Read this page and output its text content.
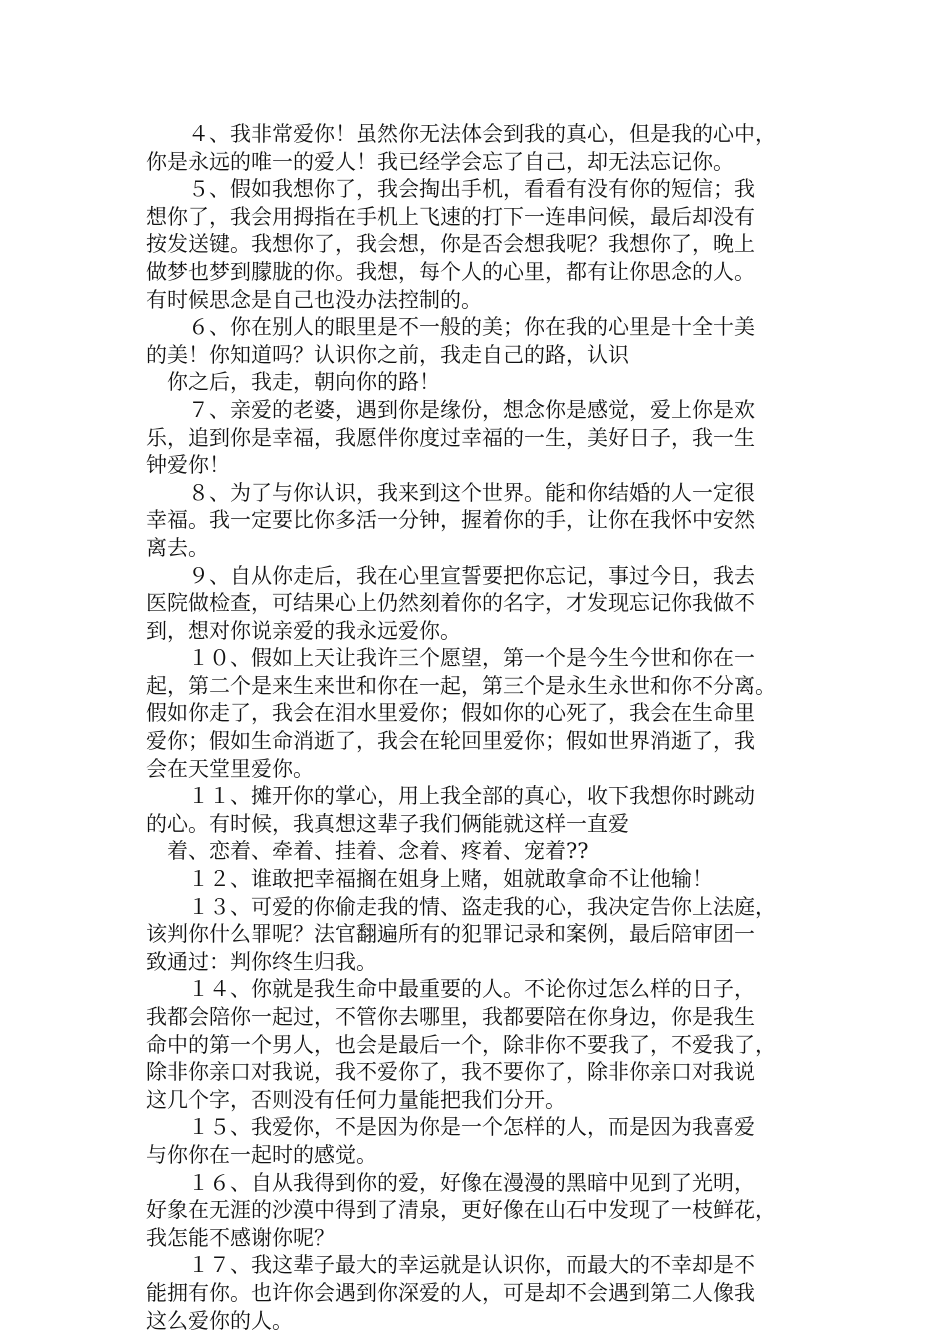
　　４、我非常爱你！虽然你无法体会到我的真心，但是我的心中，
你是永远的唯一的爱人！我已经学会忘了自己，却无法忘记你。
　　５、假如我想你了，我会掏出手机，看看有没有你的短信；我
想你了，我会用拇指在手机上飞速的打下一连串问候，最后却没有
按发送键。我想你了，我会想，你是否会想我呢？我想你了，晚上
做梦也梦到朦胧的你。我想，每个人的心里，都有让你思念的人。
有时候思念是自己也没办法控制的。
　　６、你在别人的眼里是不一般的美；你在我的心里是十全十美
的美！你知道吗？认识你之前，我走自己的路，认识
　你之后，我走，朝向你的路！
　　７、亲爱的老婆，遇到你是缘份，想念你是感觉，爱上你是欢
乐，追到你是幸福，我愿伴你度过幸福的一生，美好日子，我一生
钟爱你！
　　８、为了与你认识，我来到这个世界。能和你结婚的人一定很
幸福。我一定要比你多活一分钟，握着你的手，让你在我怀中安然
离去。
　　９、自从你走后，我在心里宣誓要把你忘记，事过今日，我去
医院做检查，可结果心上仍然刻着你的名字，才发现忘记你我做不
到，想对你说亲爱的我永远爱你。
　　１０、假如上天让我许三个愿望，第一个是今生今世和你在一
起，第二个是来生来世和你在一起，第三个是永生永世和你不分离。
假如你走了，我会在泪水里爱你；假如你的心死了，我会在生命里
爱你；假如生命消逝了，我会在轮回里爱你；假如世界消逝了，我
会在天堂里爱你。
　　１１、摊开你的掌心，用上我全部的真心，收下我想你时跳动
的心。有时候，我真想这辈子我们俩能就这样一直爱
　着、恋着、牵着、挂着、念着、疼着、宠着??
　　１２、谁敢把幸福搁在姐身上赌，姐就敢拿命不让他输！
　　１３、可爱的你偷走我的情、盗走我的心，我决定告你上法庭，
该判你什么罪呢？法官翻遍所有的犯罪记录和案例，最后陪审团一
致通过：判你终生归我。
　　１４、你就是我生命中最重要的人。不论你过怎么样的日子，
我都会陪你一起过，不管你去哪里，我都要陪在你身边，你是我生
命中的第一个男人，也会是最后一个，除非你不要我了，不爱我了，
除非你亲口对我说，我不爱你了，我不要你了，除非你亲口对我说
这几个字，否则没有任何力量能把我们分开。
　　１５、我爱你，不是因为你是一个怎样的人，而是因为我喜爱
与你你在一起时的感觉。
　　１６、自从我得到你的爱，好像在漫漫的黑暗中见到了光明，
好象在无涯的沙漠中得到了清泉，更好像在山石中发现了一枝鲜花，
我怎能不感谢你呢？
　　１７、我这辈子最大的幸运就是认识你，而最大的不幸却是不
能拥有你。也许你会遇到你深爱的人，可是却不会遇到第二人像我
这么爱你的人。
